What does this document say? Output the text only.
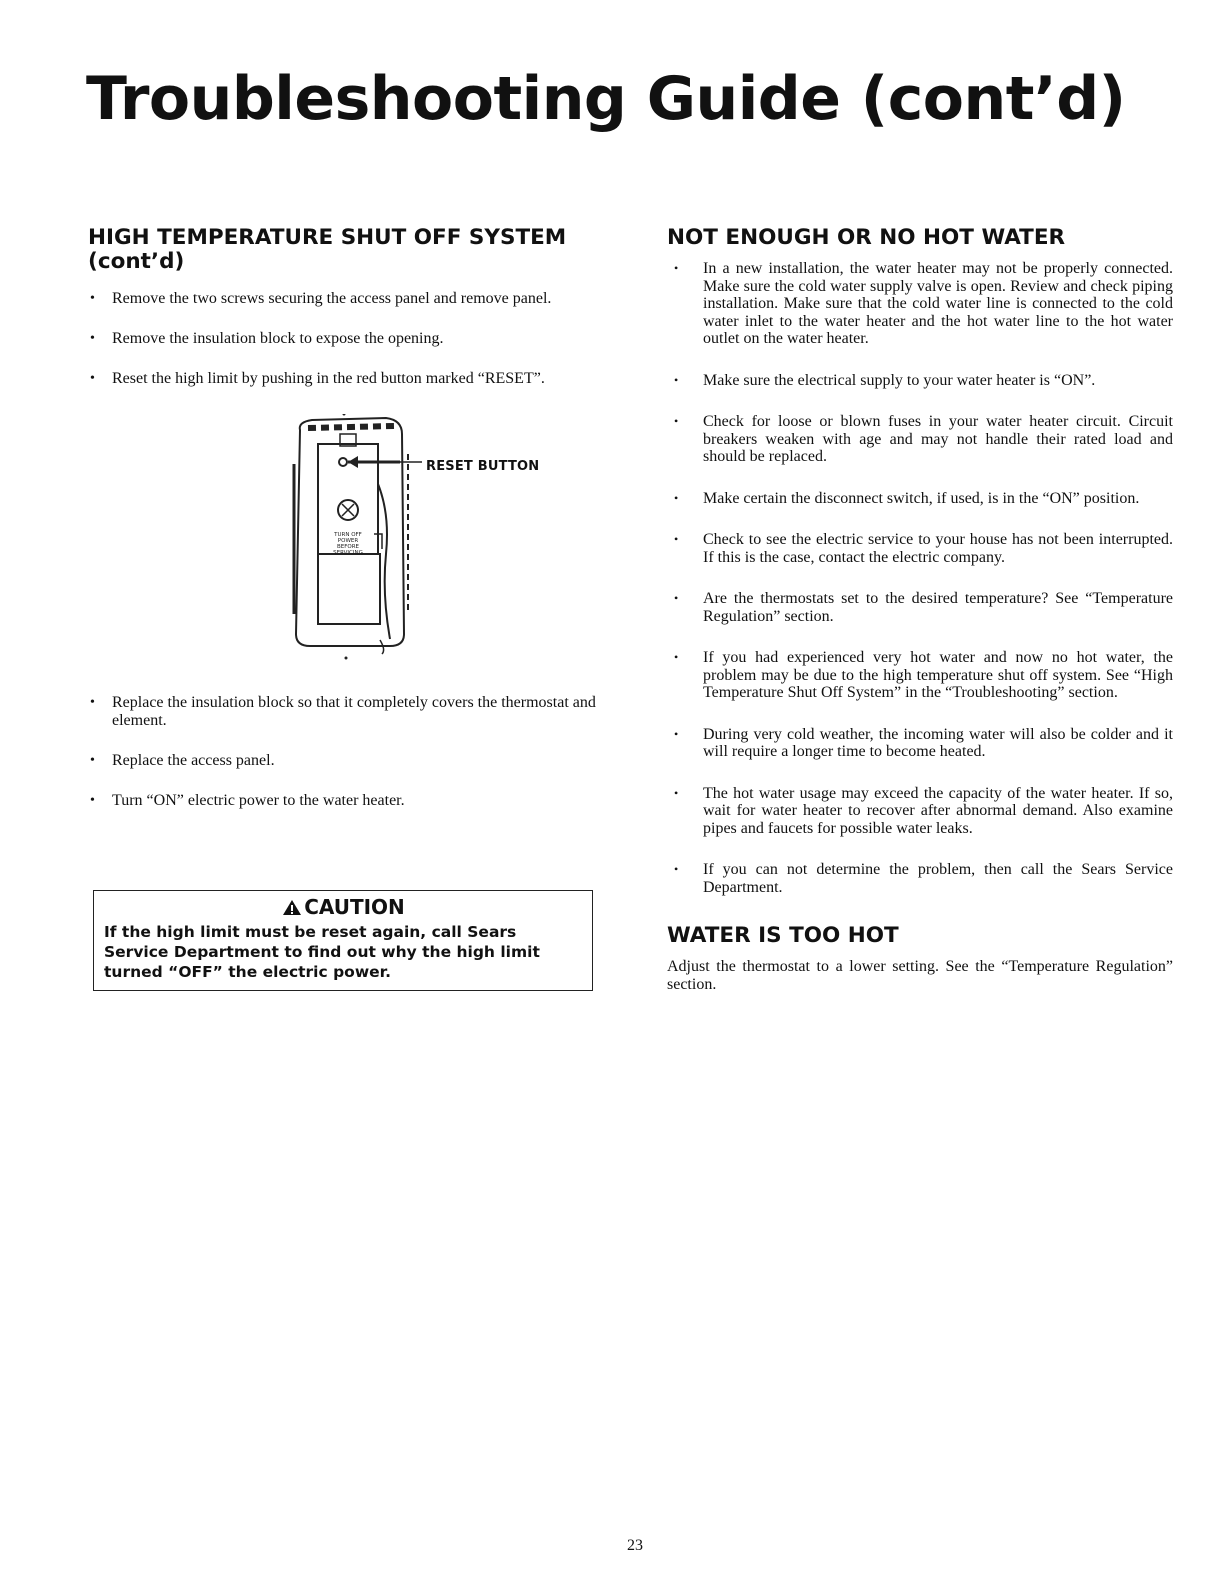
Troubleshooting Guide (cont’d)
HIGH TEMPERATURE SHUT OFF SYSTEM (cont’d)
• Remove the two screws securing the access panel and remove panel.
• Remove the insulation block to expose the opening.
• Reset the high limit by pushing in the red button marked “RESET”.
TURN OFF
POWER
BEFORE
SERVICING
RESET BUTTON
• Replace the insulation block so that it completely covers the thermostat and element.
• Replace the access panel.
• Turn “ON” electric power to the water heater.
CAUTION
If the high limit must be reset again, call Sears Service Department to find out why the high limit turned “OFF” the electric power.
NOT ENOUGH OR NO HOT WATER
• In a new installation, the water heater may not be properly connected. Make sure the cold water supply valve is open. Review and check piping installation. Make sure that the cold water line is connected to the cold water inlet to the water heater and the hot water line to the hot water outlet on the water heater.
• Make sure the electrical supply to your water heater is “ON”.
• Check for loose or blown fuses in your water heater circuit. Circuit breakers weaken with age and may not handle their rated load and should be replaced.
• Make certain the disconnect switch, if used, is in the “ON” position.
• Check to see the electric service to your house has not been interrupted. If this is the case, contact the electric company.
• Are the thermostats set to the desired temperature? See “Temperature Regulation” section.
• If you had experienced very hot water and now no hot water, the problem may be due to the high temperature shut off system. See “High Temperature Shut Off System” in the “Troubleshooting” section.
• During very cold weather, the incoming water will also be colder and it will require a longer time to become heated.
• The hot water usage may exceed the capacity of the water heater. If so, wait for water heater to recover after abnormal demand. Also examine pipes and faucets for possible water leaks.
• If you can not determine the problem, then call the Sears Service Department.
WATER IS TOO HOT

Adjust the thermostat to a lower setting. See the “Temperature Regulation” section.

23
